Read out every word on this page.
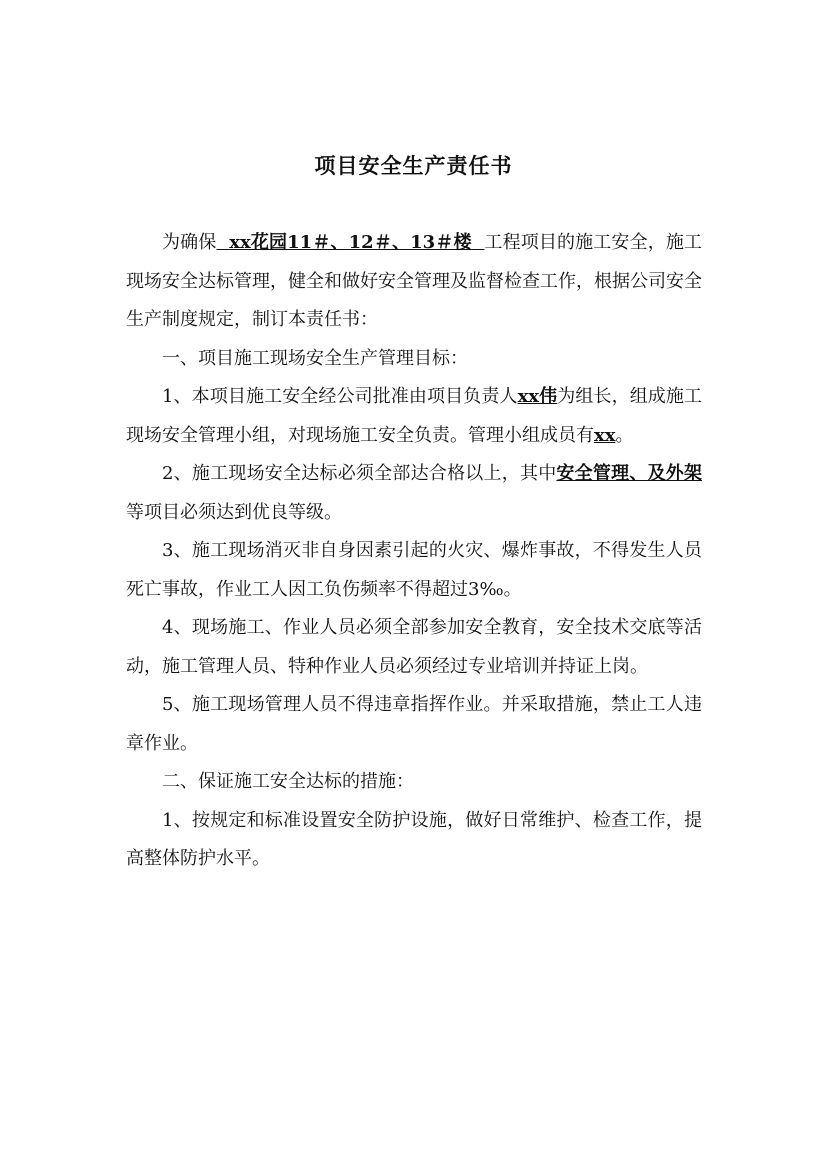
项目安全生产责任书

为确保 xx花园11＃、12＃、13＃楼 工程项目的施工安全，施工现场安全达标管理，健全和做好安全管理及监督检查工作，根据公司安全生产制度规定，制订本责任书：

一、项目施工现场安全生产管理目标：

1、本项目施工安全经公司批准由项目负责人xx伟为组长，组成施工现场安全管理小组，对现场施工安全负责。管理小组成员有xx。

2、施工现场安全达标必须全部达合格以上，其中安全管理、及外架等项目必须达到优良等级。

3、施工现场消灭非自身因素引起的火灾、爆炸事故，不得发生人员死亡事故，作业工人因工负伤频率不得超过3‰。

4、现场施工、作业人员必须全部参加安全教育，安全技术交底等活动，施工管理人员、特种作业人员必须经过专业培训并持证上岗。

5、施工现场管理人员不得违章指挥作业。并采取措施，禁止工人违章作业。

二、保证施工安全达标的措施：

1、按规定和标准设置安全防护设施，做好日常维护、检查工作，提高整体防护水平。
